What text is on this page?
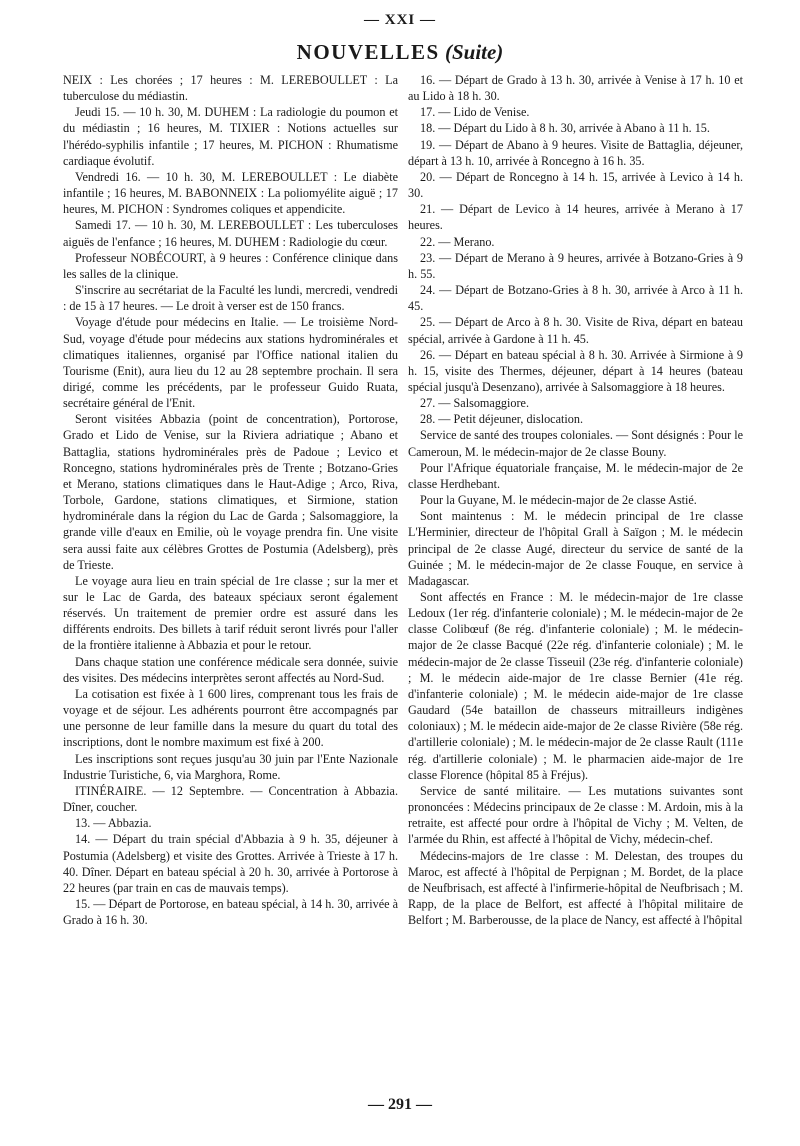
— XXI —
NOUVELLES (Suite)

NEIX : Les chorées ; 17 heures : M. LEREBOULLET : La tuberculose du médiastin.

Jeudi 15. — 10 h. 30, M. DUHEM : La radiologie du poumon et du médiastin ; 16 heures, M. TIXIER : Notions actuelles sur l'hérédo-syphilis infantile ; 17 heures, M. PICHON : Rhumatisme cardiaque évolutif.

Vendredi 16. — 10 h. 30, M. LEREBOULLET : Le diabète infantile ; 16 heures, M. BABONNEIX : La poliomyélite aiguë ; 17 heures, M. PICHON : Syndromes coliques et appendicite.

Samedi 17. — 10 h. 30, M. LEREBOULLET : Les tuberculoses aiguës de l'enfance ; 16 heures, M. DUHEM : Radiologie du cœur.

Professeur NOBÉCOURT, à 9 heures : Conférence clinique dans les salles de la clinique.

S'inscrire au secrétariat de la Faculté les lundi, mercredi, vendredi : de 15 à 17 heures. — Le droit à verser est de 150 francs.

Voyage d'étude pour médecins en Italie. — Le troisième Nord-Sud, voyage d'étude pour médecins aux stations hydrominérales et climatiques italiennes, organisé par l'Office national italien du Tourisme (Enit), aura lieu du 12 au 28 septembre prochain. Il sera dirigé, comme les précédents, par le professeur Guido Ruata, secrétaire général de l'Enit.

Seront visitées Abbazia (point de concentration), Portorose, Grado et Lido de Venise, sur la Riviera adriatique ; Abano et Battaglia, stations hydrominérales près de Padoue ; Levico et Roncegno, stations hydrominérales près de Trente ; Botzano-Gries et Merano, stations climatiques dans le Haut-Adige ; Arco, Riva, Torbole, Gardone, stations climatiques, et Sirmione, station hydrominérale dans la région du Lac de Garda ; Salsomaggiore, la grande ville d'eaux en Emilie, où le voyage prendra fin. Une visite sera aussi faite aux célèbres Grottes de Postumia (Adelsberg), près de Trieste.

Le voyage aura lieu en train spécial de 1re classe ; sur la mer et sur le Lac de Garda, des bateaux spéciaux seront également réservés. Un traitement de premier ordre est assuré dans les différents endroits. Des billets à tarif réduit seront livrés pour l'aller de la frontière italienne à Abbazia et pour le retour.

Dans chaque station une conférence médicale sera donnée, suivie des visites. Des médecins interprètes seront affectés au Nord-Sud.

La cotisation est fixée à 1 600 lires, comprenant tous les frais de voyage et de séjour. Les adhérents pourront être accompagnés par une personne de leur famille dans la mesure du quart du total des inscriptions, dont le nombre maximum est fixé à 200.

Les inscriptions sont reçues jusqu'au 30 juin par l'Ente Nazionale Industrie Turistiche, 6, via Marghora, Rome.

ITINÉRAIRE. — 12 Septembre. — Concentration à Abbazia. Dîner, coucher.

13. — Abbazia.

14. — Départ du train spécial d'Abbazia à 9 h. 35, déjeuner à Postumia (Adelsberg) et visite des Grottes. Arrivée à Trieste à 17 h. 40. Dîner. Départ en bateau spécial à 20 h. 30, arrivée à Portorose à 22 heures (par train en cas de mauvais temps).

15. — Départ de Portorose, en bateau spécial, à 14 h. 30, arrivée à Grado à 16 h. 30.

16. — Départ de Grado à 13 h. 30, arrivée à Venise à 17 h. 10 et au Lido à 18 h. 30.

17. — Lido de Venise.

18. — Départ du Lido à 8 h. 30, arrivée à Abano à 11 h. 15.

19. — Départ de Abano à 9 heures. Visite de Battaglia, déjeuner, départ à 13 h. 10, arrivée à Roncegno à 16 h. 35.

20. — Départ de Roncegno à 14 h. 15, arrivée à Levico à 14 h. 30.

21. — Départ de Levico à 14 heures, arrivée à Merano à 17 heures.

22. — Merano.

23. — Départ de Merano à 9 heures, arrivée à Botzano-Gries à 9 h. 55.

24. — Départ de Botzano-Gries à 8 h. 30, arrivée à Arco à 11 h. 45.

25. — Départ de Arco à 8 h. 30. Visite de Riva, départ en bateau spécial, arrivée à Gardone à 11 h. 45.

26. — Départ en bateau spécial à 8 h. 30. Arrivée à Sirmione à 9 h. 15, visite des Thermes, déjeuner, départ à 14 heures (bateau spécial jusqu'à Desenzano), arrivée à Salsomaggiore à 18 heures.

27. — Salsomaggiore.

28. — Petit déjeuner, dislocation.

Service de santé des troupes coloniales. — Sont désignés : Pour le Cameroun, M. le médecin-major de 2e classe Bouny.

Pour l'Afrique équatoriale française, M. le médecin-major de 2e classe Herdhebant.

Pour la Guyane, M. le médecin-major de 2e classe Astié.

Sont maintenus : M. le médecin principal de 1re classe L'Herminier, directeur de l'hôpital Grall à Saïgon ; M. le médecin principal de 2e classe Augé, directeur du service de santé de la Guinée ; M. le médecin-major de 2e classe Fouque, en service à Madagascar.

Sont affectés en France : M. le médecin-major de 1re classe Ledoux (1er rég. d'infanterie coloniale) ; M. le médecin-major de 2e classe Colibœuf (8e rég. d'infanterie coloniale) ; M. le médecin-major de 2e classe Bacqué (22e rég. d'infanterie coloniale) ; M. le médecin-major de 2e classe Tisseuil (23e rég. d'infanterie coloniale) ; M. le médecin aide-major de 1re classe Bernier (41e rég. d'infanterie coloniale) ; M. le médecin aide-major de 1re classe Gaudard (54e bataillon de chasseurs mitrailleurs indigènes coloniaux) ; M. le médecin aide-major de 2e classe Rivière (58e rég. d'artillerie coloniale) ; M. le médecin-major de 2e classe Rault (111e rég. d'artillerie coloniale) ; M. le pharmacien aide-major de 1re classe Florence (hôpital 85 à Fréjus).

Service de santé militaire. — Les mutations suivantes sont prononcées : Médecins principaux de 2e classe : M. Ardoin, mis à la retraite, est affecté pour ordre à l'hôpital de Vichy ; M. Velten, de l'armée du Rhin, est affecté à l'hôpital de Vichy, médecin-chef.

Médecins-majors de 1re classe : M. Delestan, des troupes du Maroc, est affecté à l'hôpital de Perpignan ; M. Bordet, de la place de Neufbrisach, est affecté à l'infirmerie-hôpital de Neufbrisach ; M. Rapp, de la place de Belfort, est affecté à l'hôpital militaire de Belfort ; M. Barberousse, de la place de Nancy, est affecté à l'hôpital

— 291 —
